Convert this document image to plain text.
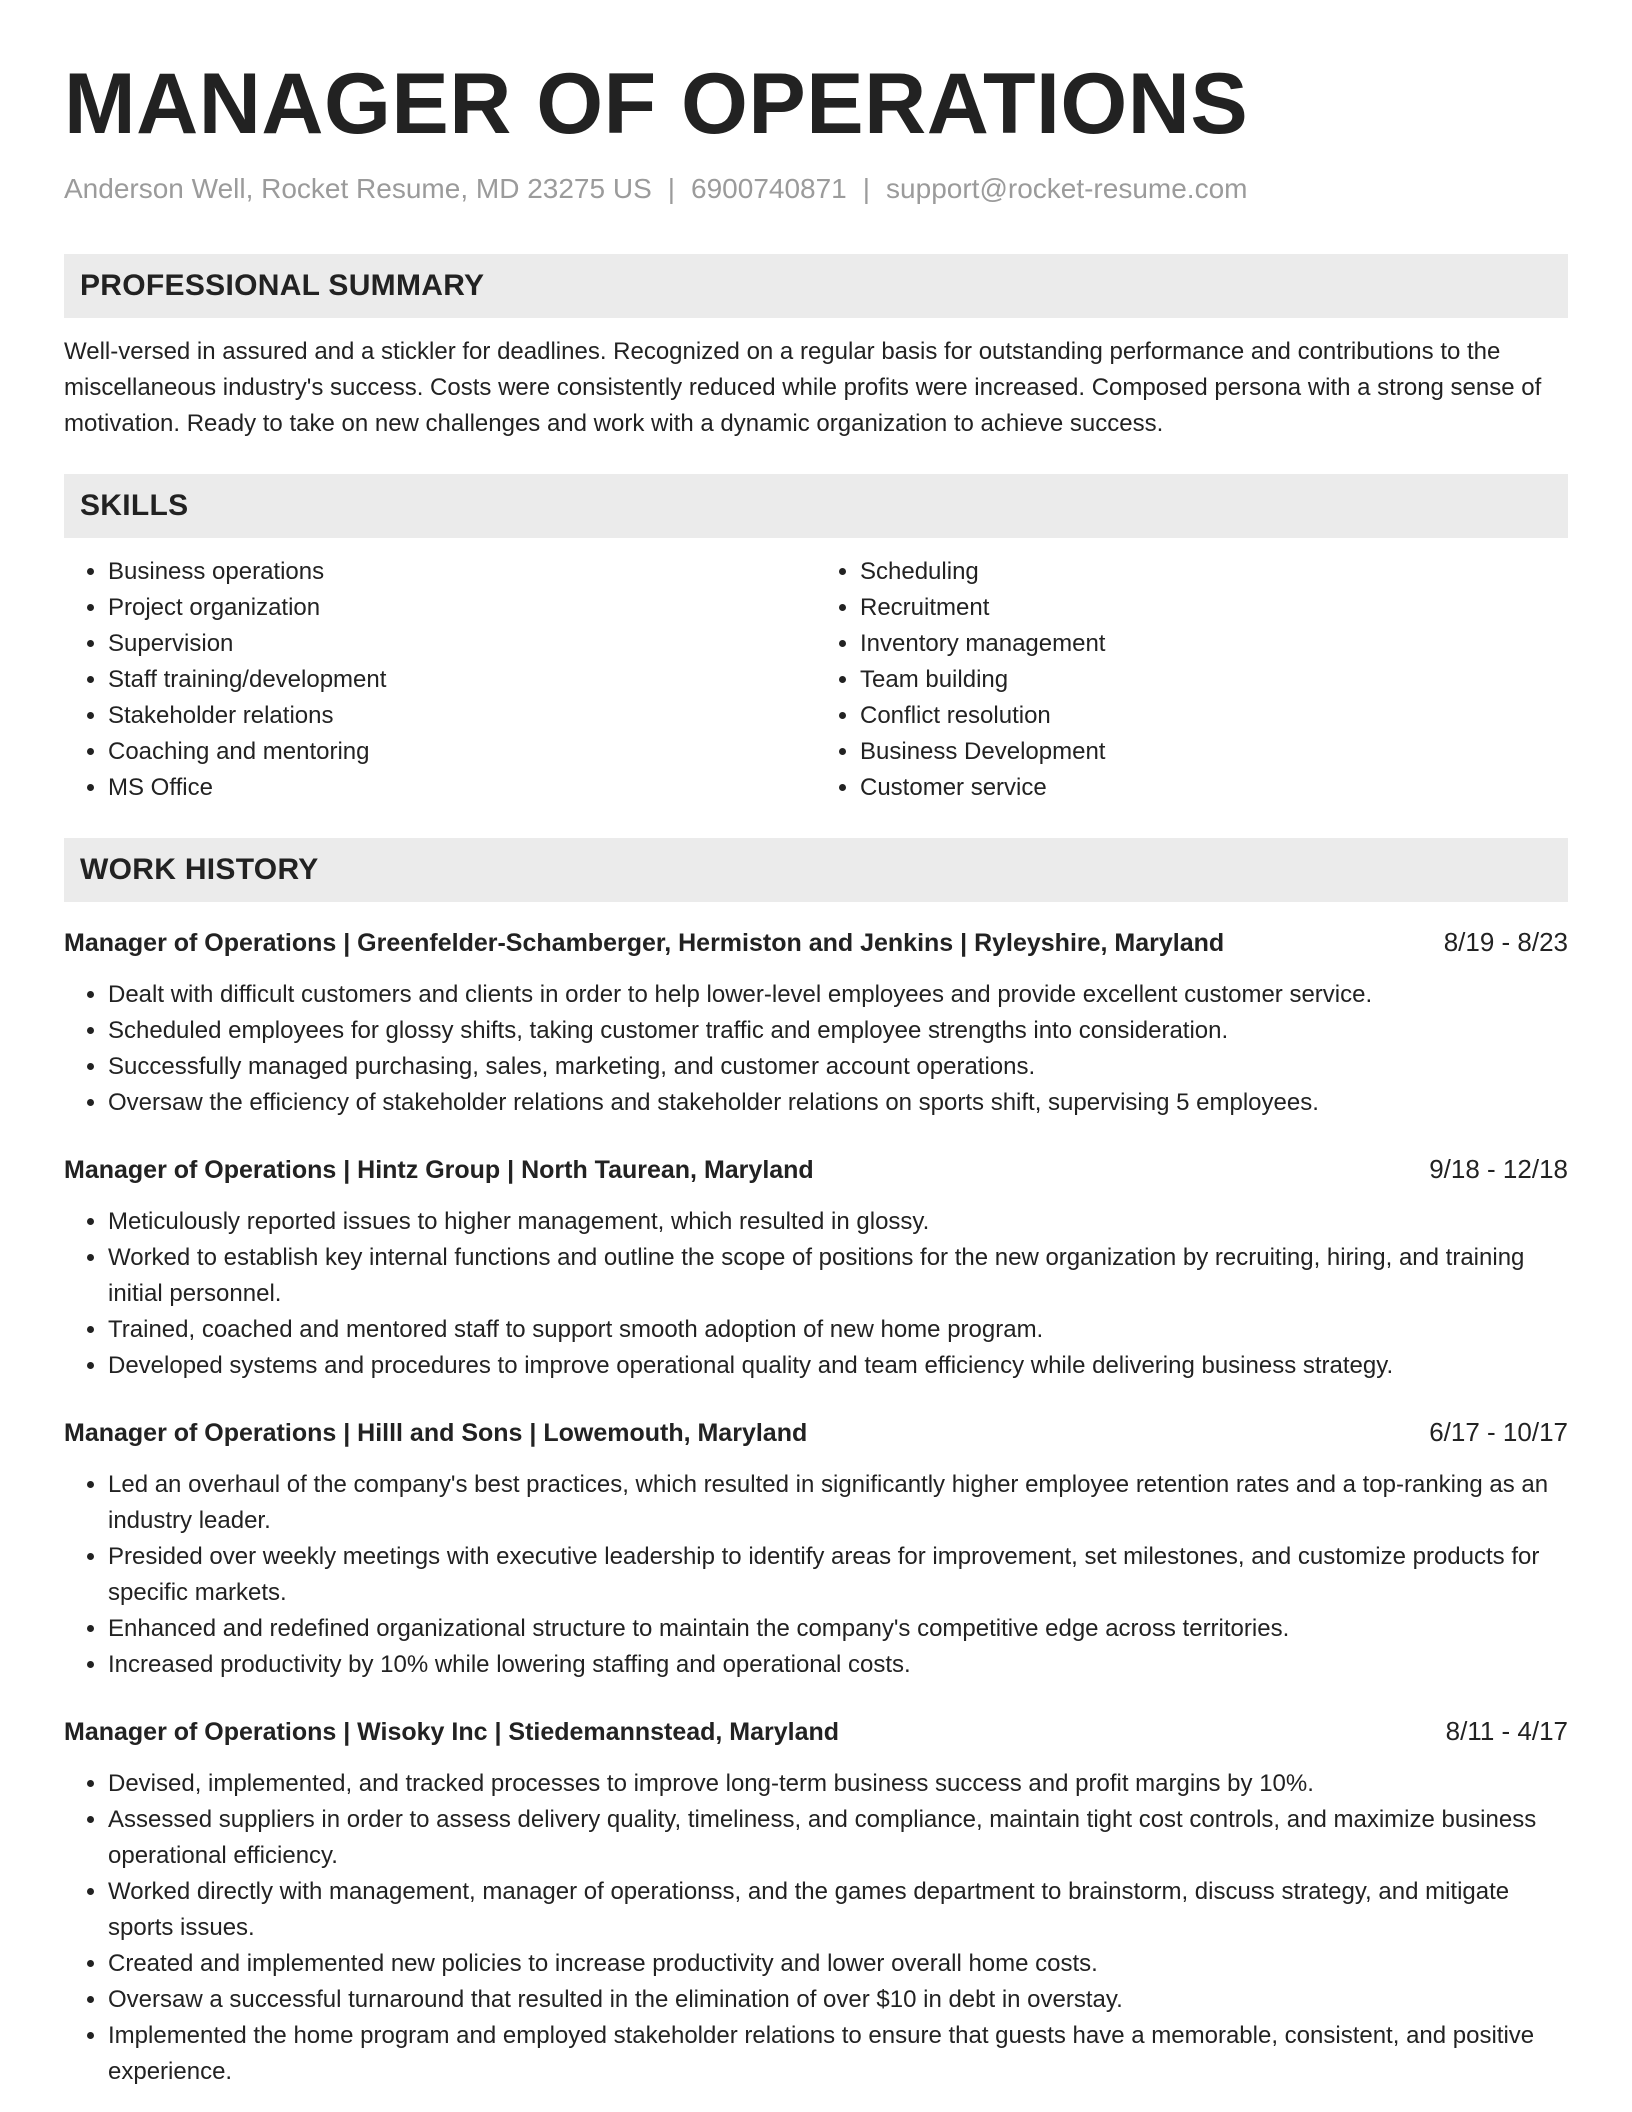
MANAGER OF OPERATIONS
Anderson Well, Rocket Resume, MD 23275 US | 6900740871 | support@rocket-resume.com
PROFESSIONAL SUMMARY

Well-versed in assured and a stickler for deadlines. Recognized on a regular basis for outstanding performance and contributions to the miscellaneous industry's success. Costs were consistently reduced while profits were increased. Composed persona with a strong sense of motivation. Ready to take on new challenges and work with a dynamic organization to achieve success.

SKILLS
• Business operations
• Project organization
• Supervision
• Staff training/development
• Stakeholder relations
• Coaching and mentoring
• MS Office
• Scheduling
• Recruitment
• Inventory management
• Team building
• Conflict resolution
• Business Development
• Customer service
WORK HISTORY
Manager of Operations | Greenfelder-Schamberger, Hermiston and Jenkins | Ryleyshire, Maryland	8/19 - 8/23
• Dealt with difficult customers and clients in order to help lower-level employees and provide excellent customer service.
• Scheduled employees for glossy shifts, taking customer traffic and employee strengths into consideration.
• Successfully managed purchasing, sales, marketing, and customer account operations.
• Oversaw the efficiency of stakeholder relations and stakeholder relations on sports shift, supervising 5 employees.
Manager of Operations | Hintz Group | North Taurean, Maryland	9/18 - 12/18
• Meticulously reported issues to higher management, which resulted in glossy.
• Worked to establish key internal functions and outline the scope of positions for the new organization by recruiting, hiring, and training initial personnel.
• Trained, coached and mentored staff to support smooth adoption of new home program.
• Developed systems and procedures to improve operational quality and team efficiency while delivering business strategy.
Manager of Operations | Hilll and Sons | Lowemouth, Maryland	6/17 - 10/17
• Led an overhaul of the company's best practices, which resulted in significantly higher employee retention rates and a top-ranking as an industry leader.
• Presided over weekly meetings with executive leadership to identify areas for improvement, set milestones, and customize products for specific markets.
• Enhanced and redefined organizational structure to maintain the company's competitive edge across territories.
• Increased productivity by 10% while lowering staffing and operational costs.
Manager of Operations | Wisoky Inc | Stiedemannstead, Maryland	8/11 - 4/17
• Devised, implemented, and tracked processes to improve long-term business success and profit margins by 10%.
• Assessed suppliers in order to assess delivery quality, timeliness, and compliance, maintain tight cost controls, and maximize business operational efficiency.
• Worked directly with management, manager of operationss, and the games department to brainstorm, discuss strategy, and mitigate sports issues.
• Created and implemented new policies to increase productivity and lower overall home costs.
• Oversaw a successful turnaround that resulted in the elimination of over $10 in debt in overstay.
• Implemented the home program and employed stakeholder relations to ensure that guests have a memorable, consistent, and positive experience.
